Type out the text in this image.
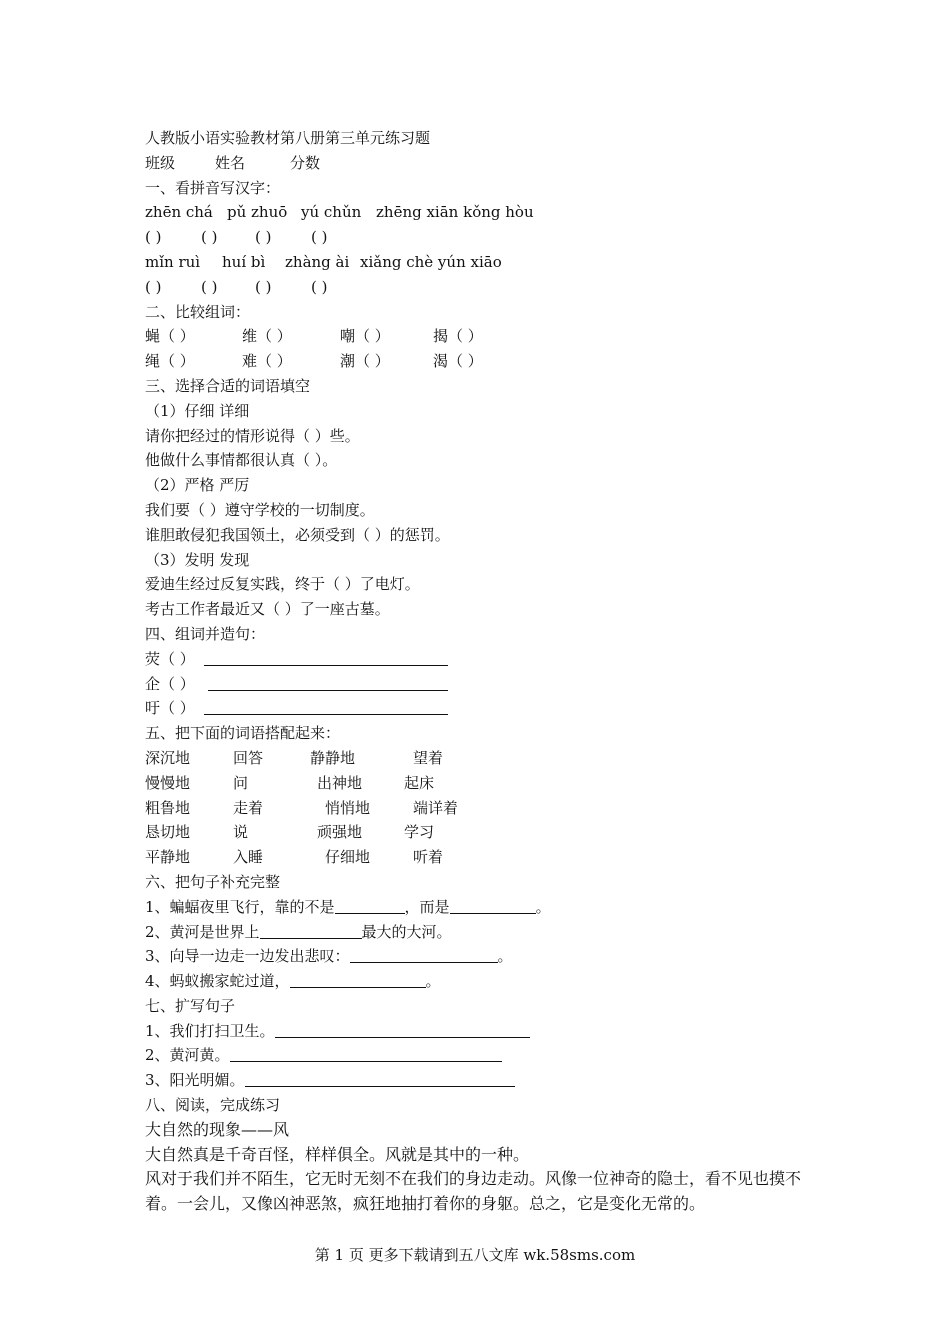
人教版小语实验教材第八册第三单元练习题
班级	姓名	分数
一、看拼音写汉字：
zhēn chá pǔ zhuō yú chǔn zhēng xiān kǒng hòu
( )	( )	( )	( )
mǐn ruì huí bì zhàng ài xiǎng chè yún xiāo
( )	( )	( )	( )
二、比较组词：
蝇（ ）	维（ ）	嘲（ ）	揭（ ）
绳（ ）	难（ ）	潮（ ）	渴（ ）
三、选择合适的词语填空
（1）仔细 详细
请你把经过的情形说得（ ）些。
他做什么事情都很认真（ ）。
（2）严格 严厉
我们要（ ）遵守学校的一切制度。
谁胆敢侵犯我国领土，必须受到（ ）的惩罚。
（3）发明 发现
爱迪生经过反复实践，终于（ ）了电灯。
考古工作者最近又（ ）了一座古墓。
四、组词并造句：
荧（ ）
企（ ）
吁（ ）
五、把下面的词语搭配起来：
深沉地	回答	静静地	望着
慢慢地	问	出神地	起床
粗鲁地	走着	悄悄地	端详着
恳切地	说	顽强地	学习
平静地	入睡	仔细地	听着
六、把句子补充完整
1、蝙蝠夜里飞行，靠的不是	，而是	。
2、黄河是世界上	最大的大河。
3、向导一边走一边发出悲叹：	。
4、蚂蚁搬家蛇过道，	。
七、扩写句子
1、我们打扫卫生。
2、黄河黄。
3、阳光明媚。
八、阅读，完成练习
大自然的现象——风
大自然真是千奇百怪，样样俱全。风就是其中的一种。
风对于我们并不陌生，它无时无刻不在我们的身边走动。风像一位神奇的隐士，看不见也摸不着。一会儿，又像凶神恶煞，疯狂地抽打着你的身躯。总之，它是变化无常的。
第 1 页 更多下载请到五八文库 wk.58sms.com
